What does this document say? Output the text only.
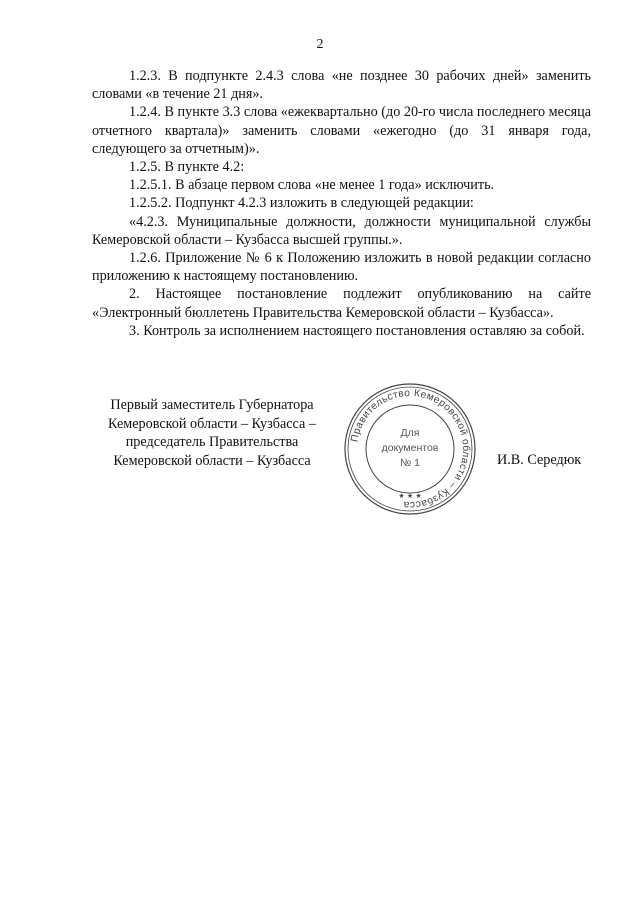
2

1.2.3. В подпункте 2.4.3 слова «не позднее 30 рабочих дней» заменить словами «в течение 21 дня».

1.2.4. В пункте 3.3 слова «ежеквартально (до 20-го числа последнего месяца отчетного квартала)» заменить словами «ежегодно (до 31 января года, следующего за отчетным)».

1.2.5. В пункте 4.2:

1.2.5.1. В абзаце первом слова «не менее 1 года» исключить.

1.2.5.2. Подпункт 4.2.3 изложить в следующей редакции:

«4.2.3. Муниципальные должности, должности муниципальной службы Кемеровской области – Кузбасса высшей группы.».

1.2.6. Приложение № 6 к Положению изложить в новой редакции согласно приложению к настоящему постановлению.

2. Настоящее постановление подлежит опубликованию на сайте «Электронный бюллетень Правительства Кемеровской области – Кузбасса».

3. Контроль за исполнением настоящего постановления оставляю за собой.

Первый заместитель Губернатора
Кемеровской области – Кузбасса –
председатель Правительства
Кемеровской области – Кузбасса
Правительство Кемеровской области – Кузбасса
★ ★ ★
Для
документов
№ 1	И.В. Середюк
